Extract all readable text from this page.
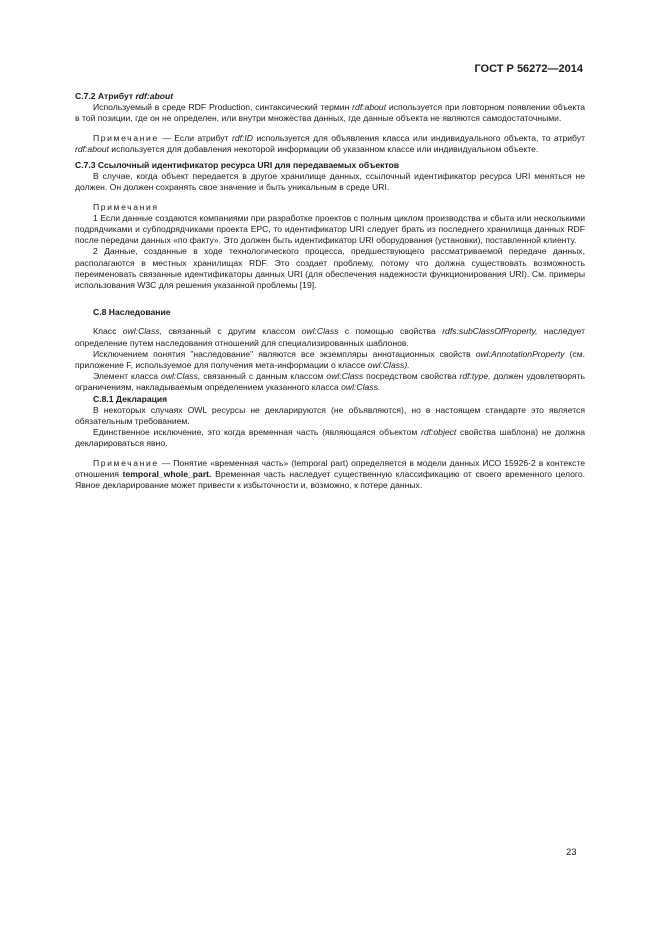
ГОСТ Р 56272—2014

С.7.2 Атрибут rdf:about

Используемый в среде RDF Production, синтаксический термин rdf:about используется при повторном появлении объекта в той позиции, где он не определен, или внутри множества данных, где данные объекта не являются самодостаточными.

Примечание — Если атрибут rdf:ID используется для объявления класса или индивидуального объекта, то атрибут rdf:about используется для добавления некоторой информации об указанном классе или индивидуальном объекте.

С.7.3 Ссылочный идентификатор ресурса URI для передаваемых объектов

В случае, когда объект передается в другое хранилище данных, ссылочный идентификатор ресурса URI меняться не должен. Он должен сохранять свое значение и быть уникальным в среде URI.

Примечания

1 Если данные создаются компаниями при разработке проектов с полным циклом производства и сбыта или несколькими подрядчиками и субподрядчиками проекта ЕРС, то идентификатор URI следует брать из последнего хранилища данных RDF после передачи данных «по факту». Это должен быть идентификатор URI оборудования (установки), поставленной клиенту.

2 Данные, созданные в ходе технологического процесса, предшествующего рассматриваемой передаче данных, располагаются в местных хранилищах RDF. Это создает проблему, потому что должна существовать возможность переименовать связанные идентификаторы данных URI (для обеспечения надежности функционирования URI). См. примеры использования W3C для решения указанной проблемы [19].

С.8 Наследование

Класс owl:Class, связанный с другим классом owl:Class с помощью свойства rdfs:subClassOfProperty, наследует определение путем наследования отношений для специализированных шаблонов.

Исключением понятия "наследование" являются все экземпляры аннотационных свойств owl:AnnotationProperty (см. приложение F, используемое для получения мета-информации о классе owl:Class).

Элемент класса owl:Class, связанный с данным классом owl:Class посредством свойства rdf:type, должен удовлетворять ограничениям, накладываемым определением указанного класса owl:Class.

С.8.1 Декларация

В некоторых случаях OWL ресурсы не декларируются (не объявляются), но в настоящем стандарте это является обязательным требованием.

Единственное исключение, это когда временная часть (являющаяся объектом rdf:object свойства шаблона) не должна декларироваться явно.

Примечание — Понятие «временная часть» (temporal part) определяется в модели данных ИСО 15926-2 в контексте отношения temporal_whole_part. Временная часть наследует существенную классификацию от своего временного целого. Явное декларирование может привести к избыточности и, возможно, к потере данных.

23
